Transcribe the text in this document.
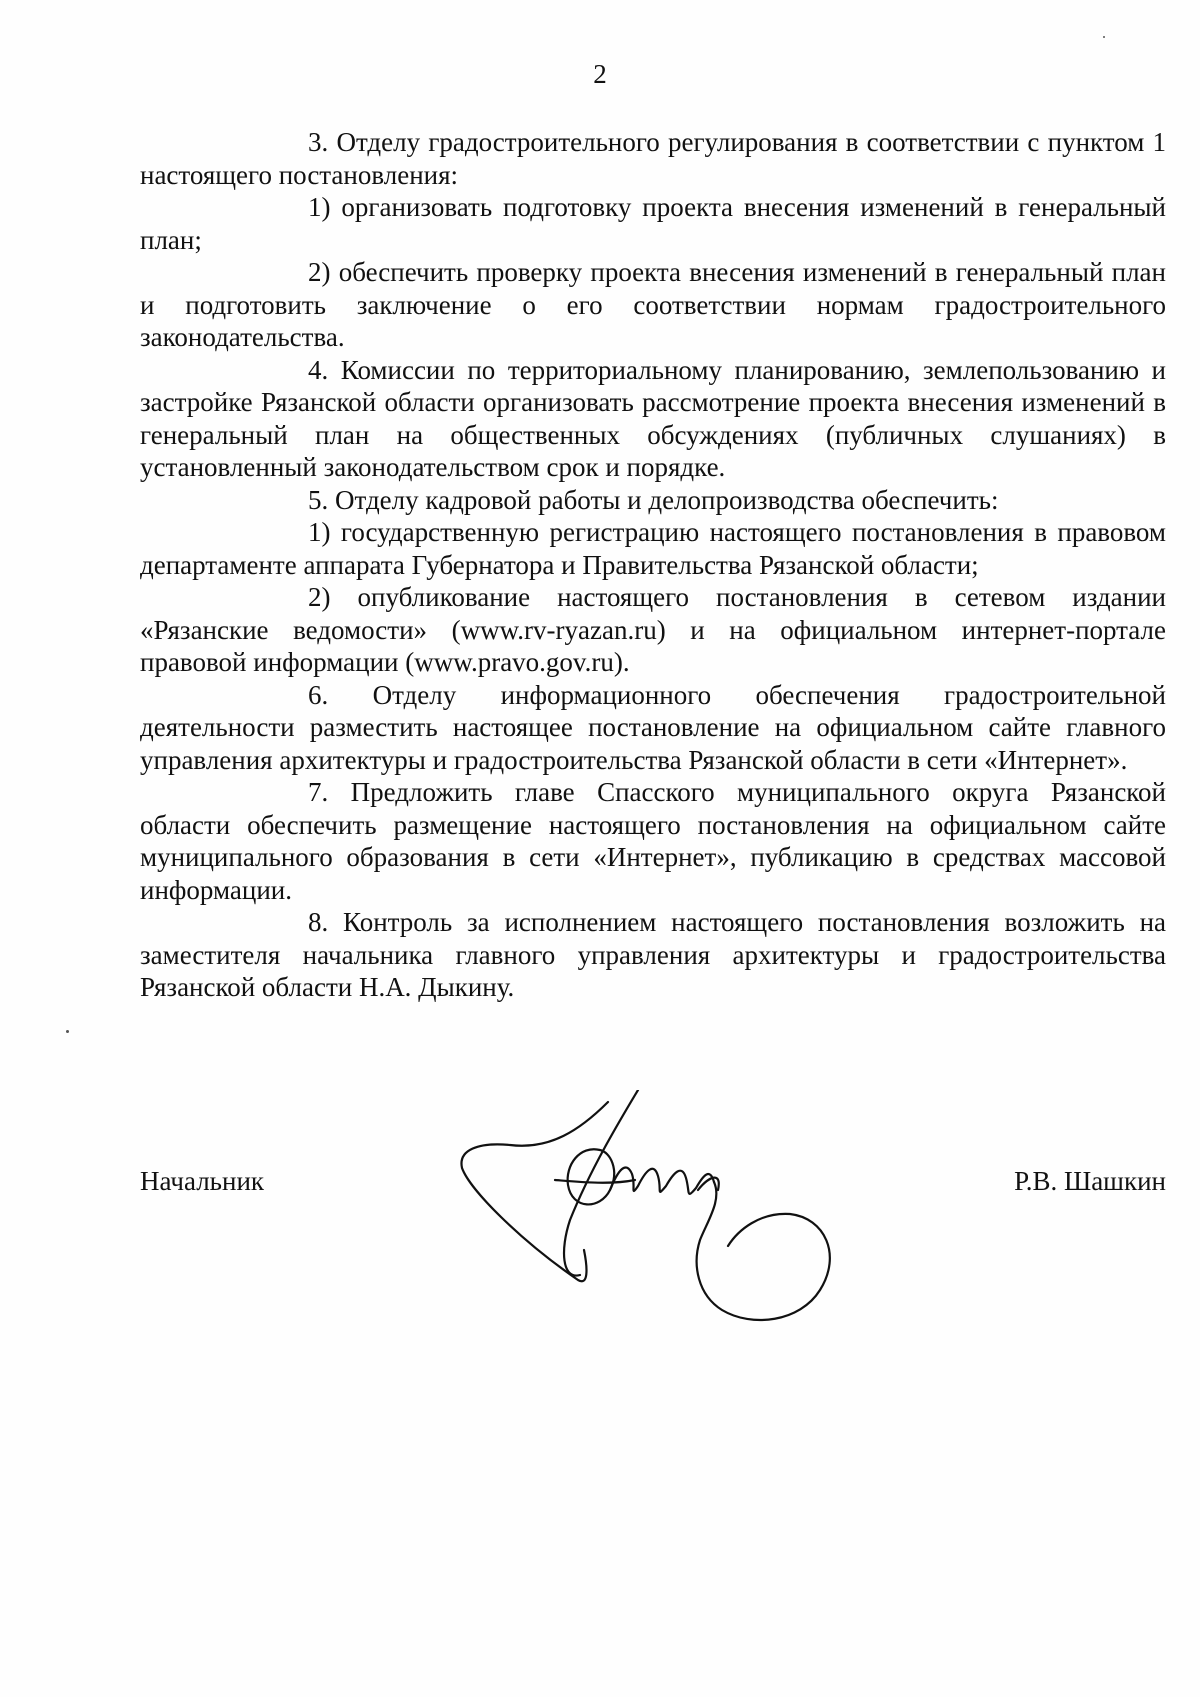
2

3. Отделу градостроительного регулирования в соответствии с пунктом 1 настоящего постановления:

1) организовать подготовку проекта внесения изменений в генеральный план;

2) обеспечить проверку проекта внесения изменений в генеральный план и подготовить заключение о его соответствии нормам градостроительного законодательства.

4. Комиссии по территориальному планированию, землепользованию и застройке Рязанской области организовать рассмотрение проекта внесения изменений в генеральный план на общественных обсуждениях (публичных слушаниях) в установленный законодательством срок и порядке.

5. Отделу кадровой работы и делопроизводства обеспечить:

1) государственную регистрацию настоящего постановления в правовом департаменте аппарата Губернатора и Правительства Рязанской области;

2) опубликование настоящего постановления в сетевом издании «Рязанские ведомости» (www.rv-ryazan.ru) и на официальном интернет-портале правовой информации (www.pravo.gov.ru).

6. Отделу информационного обеспечения градостроительной деятельности разместить настоящее постановление на официальном сайте главного управления архитектуры и градостроительства Рязанской области в сети «Интернет».

7. Предложить главе Спасского муниципального округа Рязанской области обеспечить размещение настоящего постановления на официальном сайте муниципального образования в сети «Интернет», публикацию в средствах массовой информации.

8. Контроль за исполнением настоящего постановления возложить на заместителя начальника главного управления архитектуры и градостроительства Рязанской области Н.А. Дыкину.

Начальник	Р.В. Шашкин
